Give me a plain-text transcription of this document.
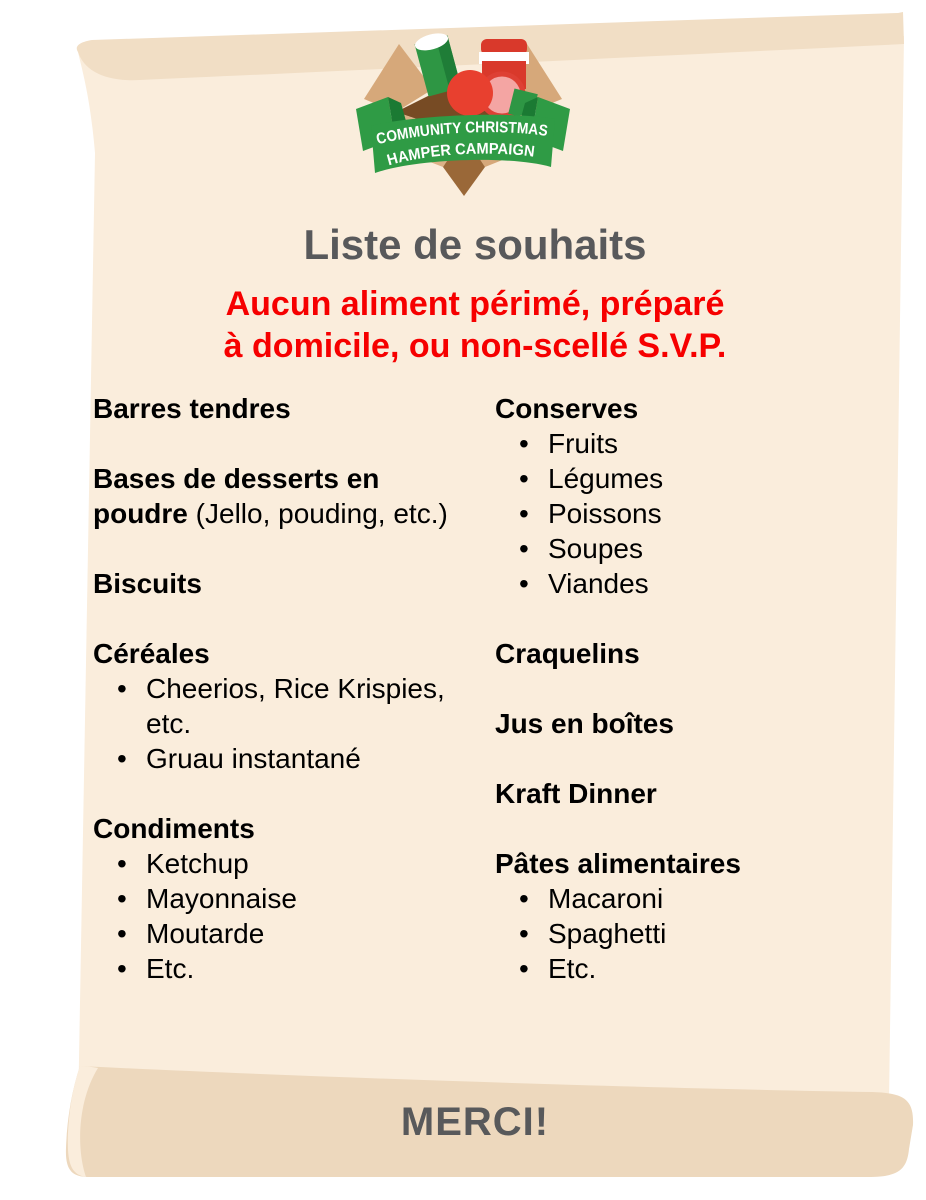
COMMUNITY CHRISTMAS
HAMPER CAMPAIGN
Liste de souhaits
Aucun aliment périmé, préparé
à domicile, ou non-scellé S.V.P.
Barres tendres
Bases de desserts en poudre (Jello, pouding, etc.)
Biscuits
Céréales
• Cheerios, Rice Krispies, etc.
• Gruau instantané
Condiments
• Ketchup
• Mayonnaise
• Moutarde
• Etc.
Conserves
• Fruits
• Légumes
• Poissons
• Soupes
• Viandes
Craquelins
Jus en boîtes
Kraft Dinner
Pâtes alimentaires
• Macaroni
• Spaghetti
• Etc.
MERCI!
